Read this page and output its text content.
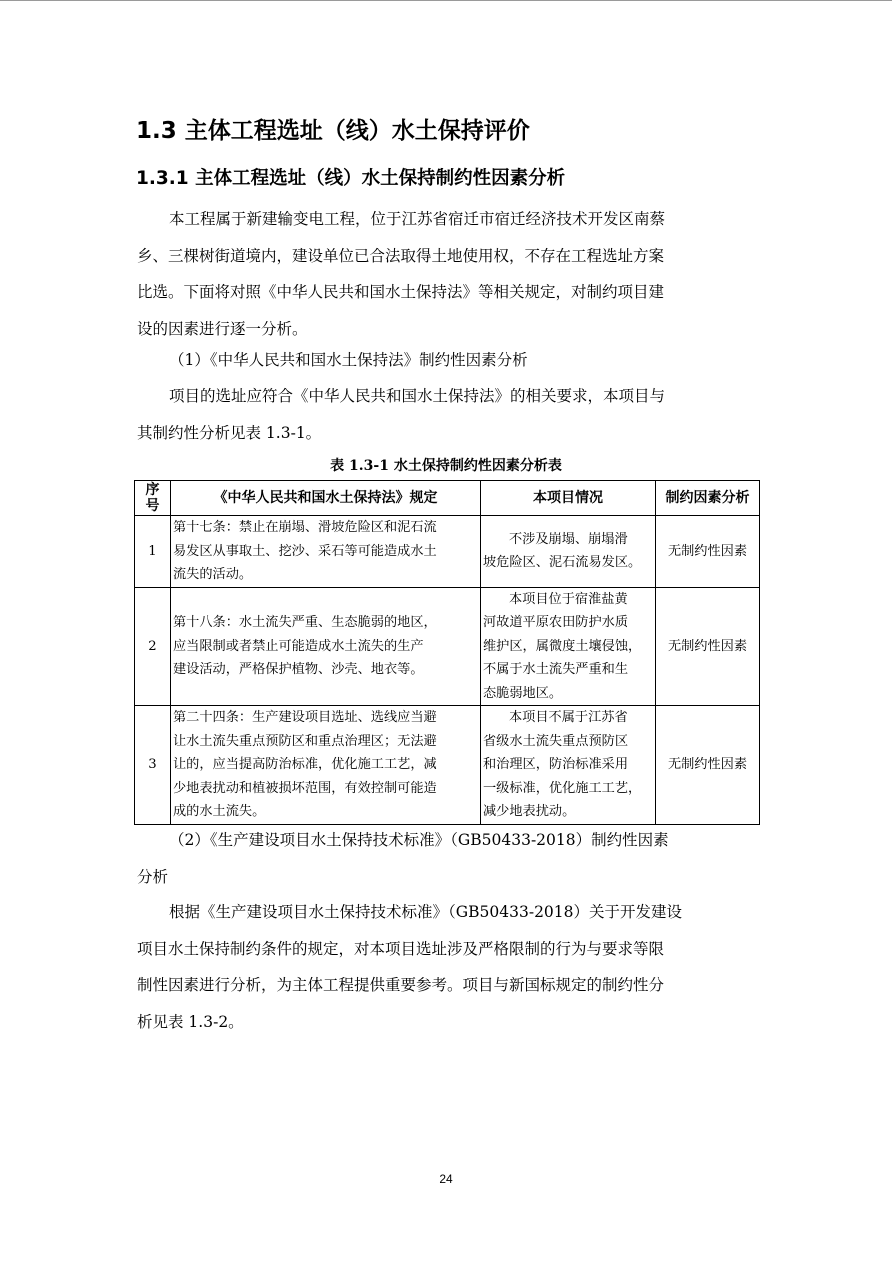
1.3 主体工程选址（线）水土保持评价
1.3.1 主体工程选址（线）水土保持制约性因素分析

本工程属于新建输变电工程，位于江苏省宿迁市宿迁经济技术开发区南蔡
乡、三棵树街道境内，建设单位已合法取得土地使用权，不存在工程选址方案
比选。下面将对照《中华人民共和国水土保持法》等相关规定，对制约项目建
设的因素进行逐一分析。

（1）《中华人民共和国水土保持法》制约性因素分析

项目的选址应符合《中华人民共和国水土保持法》的相关要求，本项目与
其制约性分析见表 1.3-1。

表 1.3-1 水土保持制约性因素分析表
序
号	《中华人民共和国水土保持法》规定	本项目情况	制约因素分析
1	第十七条：禁止在崩塌、滑坡危险区和泥石流
易发区从事取土、挖沙、采石等可能造成水土
流失的活动。	不涉及崩塌、崩塌滑
坡危险区、泥石流易发区。	无制约性因素
2	第十八条：水土流失严重、生态脆弱的地区，
应当限制或者禁止可能造成水土流失的生产
建设活动，严格保护植物、沙壳、地衣等。	本项目位于宿淮盐黄
河故道平原农田防护水质
维护区，属微度土壤侵蚀，
不属于水土流失严重和生
态脆弱地区。	无制约性因素
3	第二十四条：生产建设项目选址、选线应当避
让水土流失重点预防区和重点治理区；无法避
让的，应当提高防治标准，优化施工工艺，减
少地表扰动和植被损坏范围，有效控制可能造
成的水土流失。	本项目不属于江苏省
省级水土流失重点预防区
和治理区，防治标准采用
一级标准，优化施工工艺，
减少地表扰动。	无制约性因素

（2）《生产建设项目水土保持技术标准》（GB50433-2018）制约性因素
分析

根据《生产建设项目水土保持技术标准》（GB50433-2018）关于开发建设
项目水土保持制约条件的规定，对本项目选址涉及严格限制的行为与要求等限
制性因素进行分析，为主体工程提供重要参考。项目与新国标规定的制约性分
析见表 1.3-2。

24
